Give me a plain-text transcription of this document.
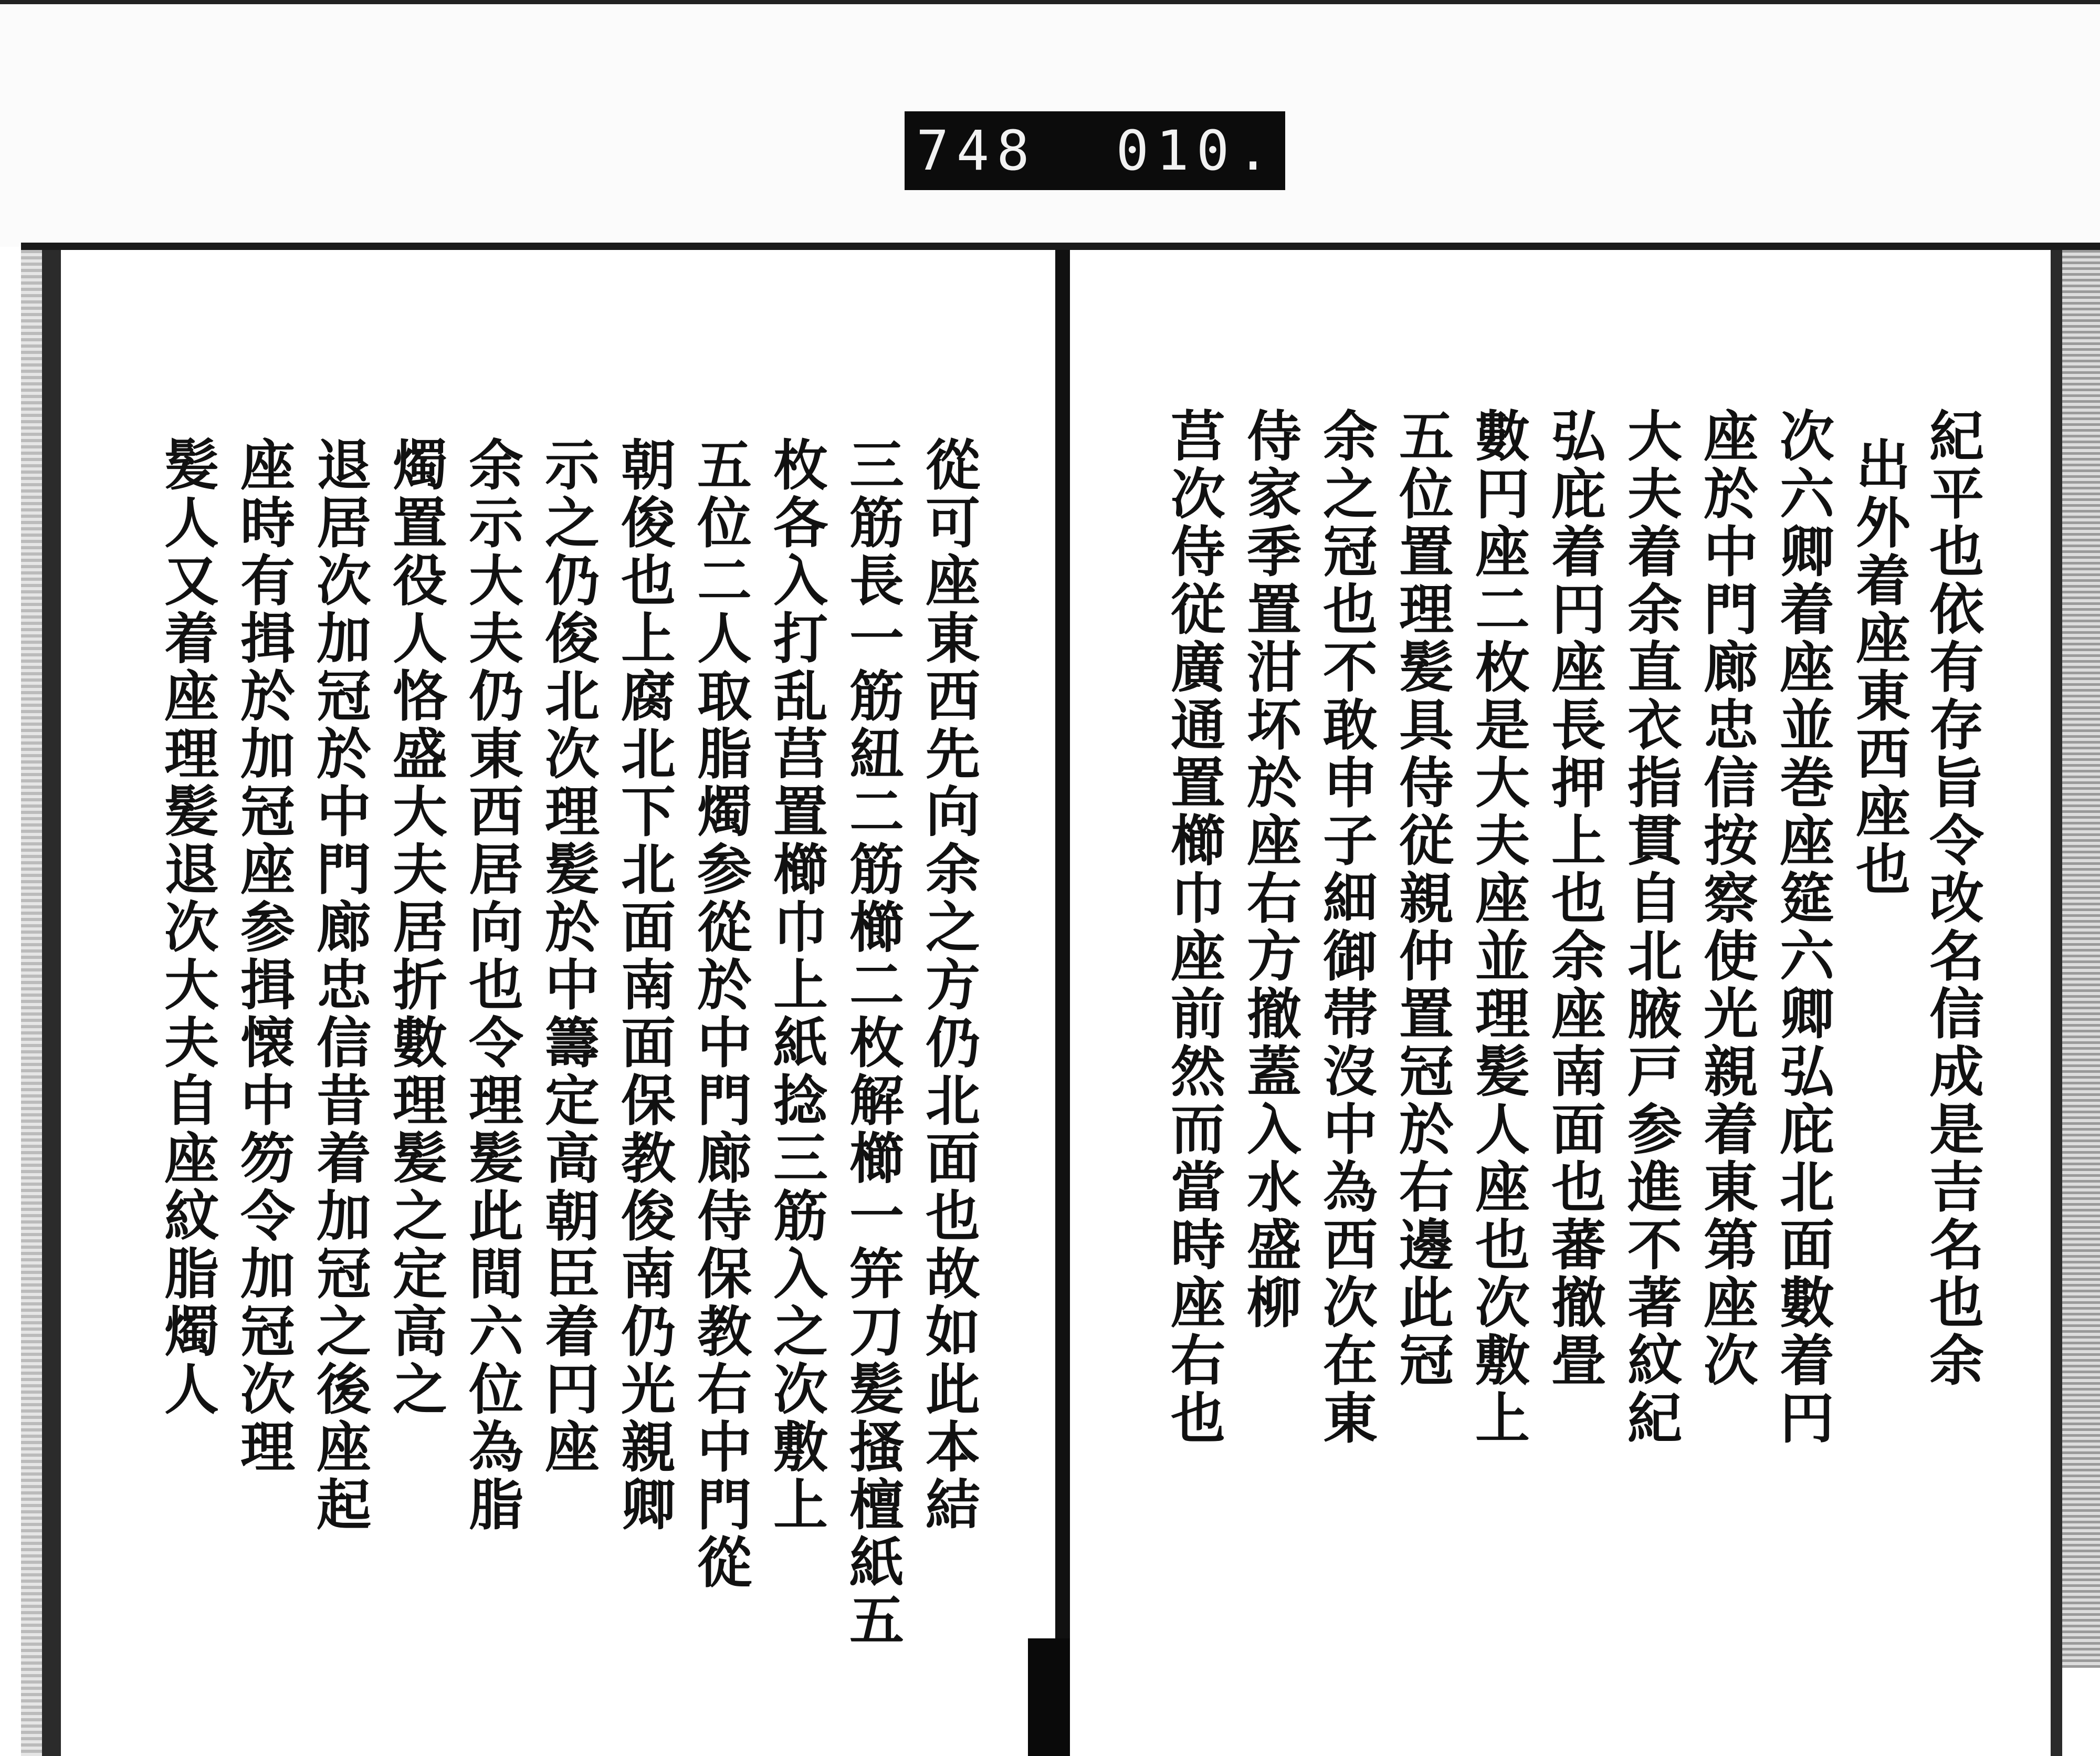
748 010.
從可座東西先向余之方仍北面也故如此本結
三筋長一筋紐二筋櫛二枚解櫛一笄刀髪搔檀紙五
枚各入打乱莒置櫛巾上紙捻三筋入之次敷上
五位二人取脂燭参從於中門廊侍保教右中門從
朝俊也上腐北下北面南面保教俊南仍光親卿
示之仍俊北次理髪於中籌定高朝臣着円座
余示大夫仍東西居向也令理髪此間六位為脂
燭置役人恪盛大夫居折數理髪之定高之
退居次加冠於中門廊忠信昔着加冠之後座起
座時有揖於加冠座参揖懐中笏令加冠次理
髪人又着座理髪退次大夫自座紋脂燭人	紀平也依有存旨令改名信成是吉名也余
出外着座東西座也
次六卿着座並巻座筵六卿弘庇北面數着円
座於中門廊忠信按察使光親着東第座次
大夫着余直衣指貫自北腋戸参進不著紋紀
弘庇着円座長押上也余座南面也蕃撤畳
數円座二枚是大夫座並理髪人座也次敷上
五位置理髪具侍従親仲置冠於右邊此冠
余之冠也不敢申子細御帯沒中為西次在東
侍家季置泔坏於座右方撤蓋入水盛柳
莒次侍従廣通置櫛巾座前然而當時座右也
